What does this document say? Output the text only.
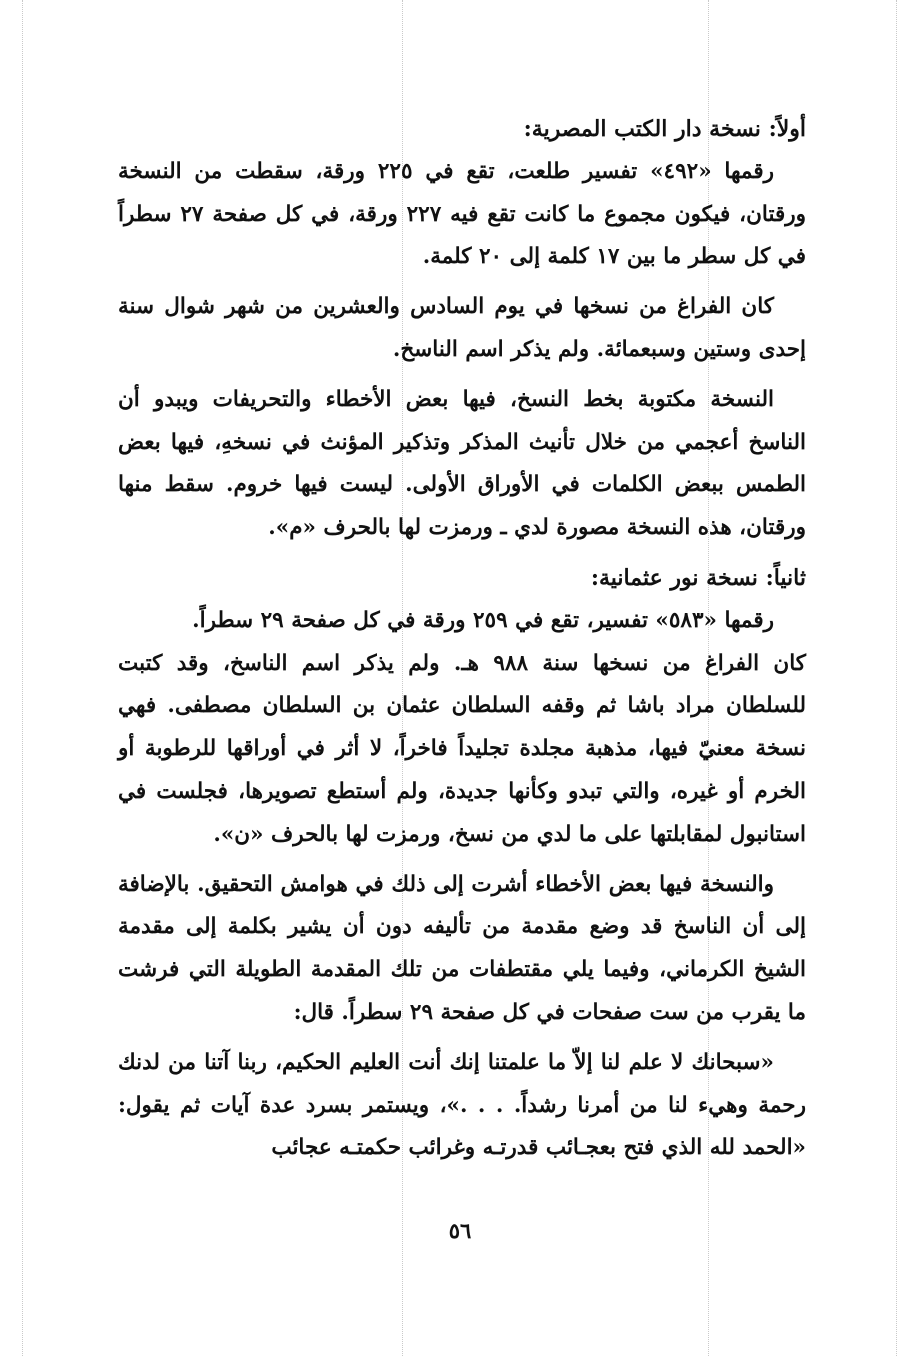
أولاً: نسخة دار الكتب المصرية:

رقمها «٤٩٢» تفسير طلعت، تقع في ٢٢٥ ورقة، سقطت من النسخة ورقتان، فيكون مجموع ما كانت تقع فيه ٢٢٧ ورقة، في كل صفحة ٢٧ سطراً في كل سطر ما بين ١٧ كلمة إلى ٢٠ كلمة.

كان الفراغ من نسخها في يوم السادس والعشرين من شهر شوال سنة إحدى وستين وسبعمائة. ولم يذكر اسم الناسخ.

النسخة مكتوبة بخط النسخ، فيها بعض الأخطاء والتحريفات ويبدو أن الناسخ أعجمي من خلال تأنيث المذكر وتذكير المؤنث في نسخهِ، فيها بعض الطمس ببعض الكلمات في الأوراق الأولى. ليست فيها خروم. سقط منها ورقتان، هذه النسخة مصورة لدي ـ ورمزت لها بالحرف «م».

ثانياً: نسخة نور عثمانية:

رقمها «٥٨٣» تفسير، تقع في ٢٥٩ ورقة في كل صفحة ٢٩ سطراً.

كان الفراغ من نسخها سنة ٩٨٨ هـ. ولم يذكر اسم الناسخ، وقد كتبت للسلطان مراد باشا ثم وقفه السلطان عثمان بن السلطان مصطفى. فهي نسخة معنيّ فيها، مذهبة مجلدة تجليداً فاخراً، لا أثر في أوراقها للرطوبة أو الخرم أو غيره، والتي تبدو وكأنها جديدة، ولم أستطع تصويرها، فجلست في استانبول لمقابلتها على ما لدي من نسخ، ورمزت لها بالحرف «ن».

والنسخة فيها بعض الأخطاء أشرت إلى ذلك في هوامش التحقيق. بالإضافة إلى أن الناسخ قد وضع مقدمة من تأليفه دون أن يشير بكلمة إلى مقدمة الشيخ الكرماني، وفيما يلي مقتطفات من تلك المقدمة الطويلة التي فرشت ما يقرب من ست صفحات في كل صفحة ٢٩ سطراً. قال:

«سبحانك لا علم لنا إلاّ ما علمتنا إنك أنت العليم الحكيم، ربنا آتنا من لدنك رحمة وهيء لنا من أمرنا رشداً. . . .»، ويستمر بسرد عدة آيات ثم يقول: «الحمد لله الذي فتح بعجـائب قدرتـه وغرائب حكمتـه عجائب

٥٦
